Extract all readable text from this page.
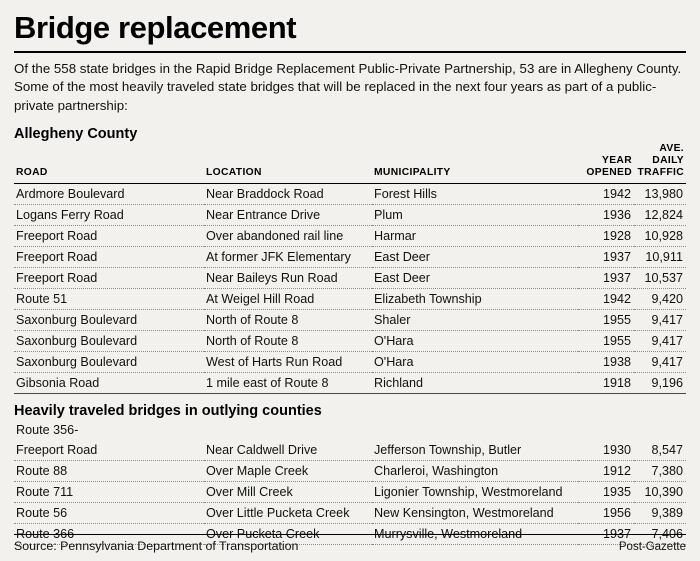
Bridge replacement

Of the 558 state bridges in the Rapid Bridge Replacement Public-Private Partnership, 53 are in Allegheny County. Some of the most heavily traveled state bridges that will be replaced in the next four years as part of a public-private partnership:

Allegheny County
			YEAR	AVE. DAILY
ROAD	LOCATION	MUNICIPALITY	OPENED	TRAFFIC

Ardmore Boulevard	Near Braddock Road	Forest Hills	1942	13,980
Logans Ferry Road	Near Entrance Drive	Plum	1936	12,824
Freeport Road	Over abandoned rail line	Harmar	1928	10,928
Freeport Road	At former JFK Elementary	East Deer	1937	10,911
Freeport Road	Near Baileys Run Road	East Deer	1937	10,537
Route 51	At Weigel Hill Road	Elizabeth Township	1942	9,420
Saxonburg Boulevard	North of Route 8	Shaler	1955	9,417
Saxonburg Boulevard	North of Route 8	O'Hara	1955	9,417
Saxonburg Boulevard	West of Harts Run Road	O'Hara	1938	9,417
Gibsonia Road	1 mile east of Route 8	Richland	1918	9,196
Heavily traveled bridges in outlying counties
Route 356-				
Freeport Road	Near Caldwell Drive	Jefferson Township, Butler	1930	8,547
Route 88	Over Maple Creek	Charleroi, Washington	1912	7,380
Route 711	Over Mill Creek	Ligonier Township, Westmoreland	1935	10,390
Route 56	Over Little Pucketa Creek	New Kensington, Westmoreland	1956	9,389
Route 366	Over Pucketa Creek	Murrysville, Westmoreland	1937	7,406
Source: Pennsylvania Department of Transportation	Post-Gazette
